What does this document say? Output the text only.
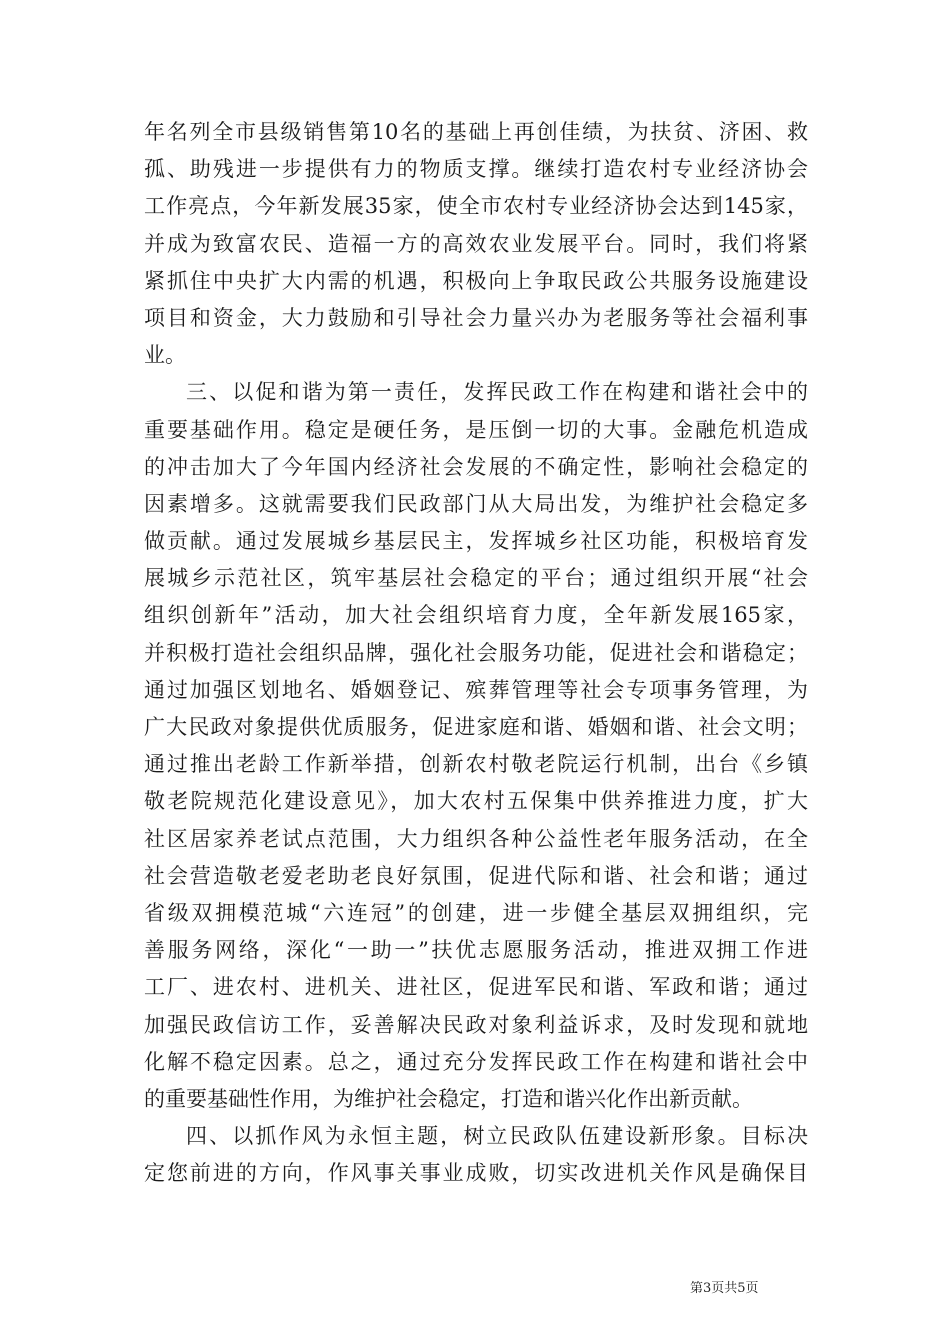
年名列全市县级销售第10名的基础上再创佳绩，为扶贫、济困、救
孤、助残进一步提供有力的物质支撑。继续打造农村专业经济协会
工作亮点，今年新发展35家，使全市农村专业经济协会达到145家，
并成为致富农民、造福一方的高效农业发展平台。同时，我们将紧
紧抓住中央扩大内需的机遇，积极向上争取民政公共服务设施建设
项目和资金，大力鼓励和引导社会力量兴办为老服务等社会福利事
业。
三、以促和谐为第一责任，发挥民政工作在构建和谐社会中的
重要基础作用。稳定是硬任务，是压倒一切的大事。金融危机造成
的冲击加大了今年国内经济社会发展的不确定性，影响社会稳定的
因素增多。这就需要我们民政部门从大局出发，为维护社会稳定多
做贡献。通过发展城乡基层民主，发挥城乡社区功能，积极培育发
展城乡示范社区，筑牢基层社会稳定的平台；通过组织开展“社会
组织创新年”活动，加大社会组织培育力度，全年新发展165家，
并积极打造社会组织品牌，强化社会服务功能，促进社会和谐稳定；
通过加强区划地名、婚姻登记、殡葬管理等社会专项事务管理，为
广大民政对象提供优质服务，促进家庭和谐、婚姻和谐、社会文明；
通过推出老龄工作新举措，创新农村敬老院运行机制，出台《乡镇
敬老院规范化建设意见》，加大农村五保集中供养推进力度，扩大
社区居家养老试点范围，大力组织各种公益性老年服务活动，在全
社会营造敬老爱老助老良好氛围，促进代际和谐、社会和谐；通过
省级双拥模范城“六连冠”的创建，进一步健全基层双拥组织，完
善服务网络，深化“一助一”扶优志愿服务活动，推进双拥工作进
工厂、进农村、进机关、进社区，促进军民和谐、军政和谐；通过
加强民政信访工作，妥善解决民政对象利益诉求，及时发现和就地
化解不稳定因素。总之，通过充分发挥民政工作在构建和谐社会中
的重要基础性作用，为维护社会稳定，打造和谐兴化作出新贡献。
四、以抓作风为永恒主题，树立民政队伍建设新形象。目标决
定您前进的方向，作风事关事业成败，切实改进机关作风是确保目
第3页共5页
